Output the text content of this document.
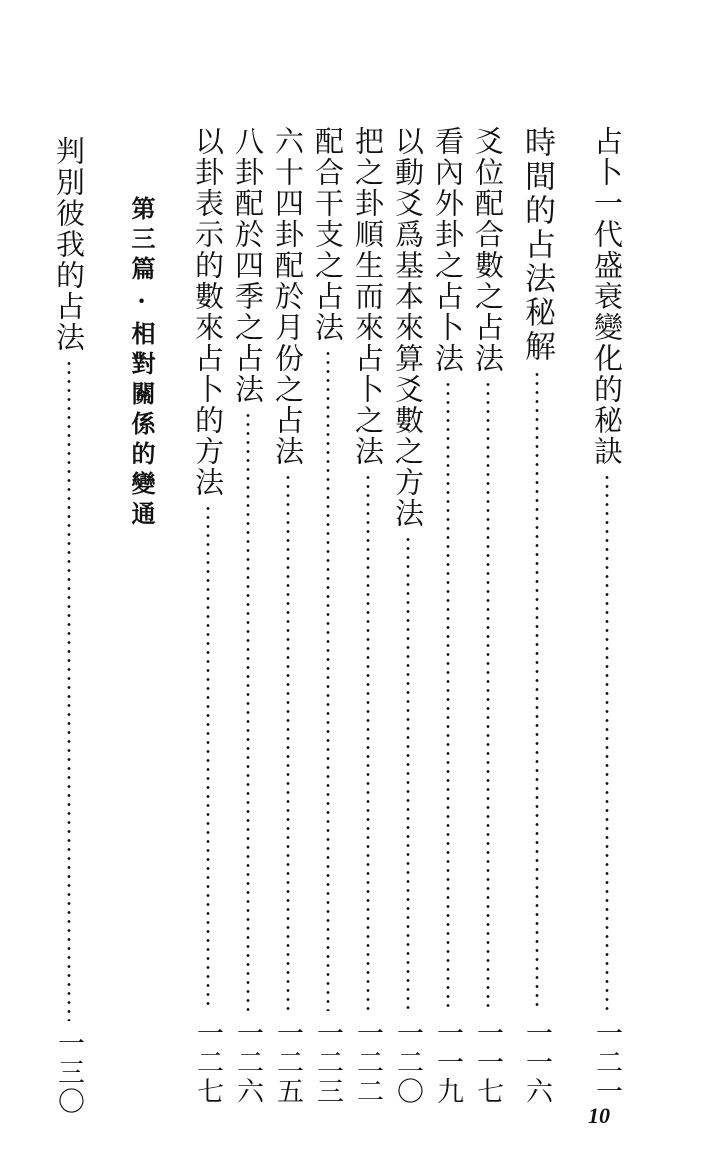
占卜一代盛衰變化的秘訣
一二一
時間的占法秘解
一一六
爻位配合數之占法
一一七
看內外卦之占卜法
一一九
以動爻爲基本來算爻數之方法
一二〇
把之卦順生而來占卜之法
一二二
配合干支之占法
一二三
六十四卦配於月份之占法
一二五
八卦配於四季之占法
一二六
以卦表示的數來占卜的方法
一二七
第三篇·相對關係的變通
判別彼我的占法
一三〇	10
